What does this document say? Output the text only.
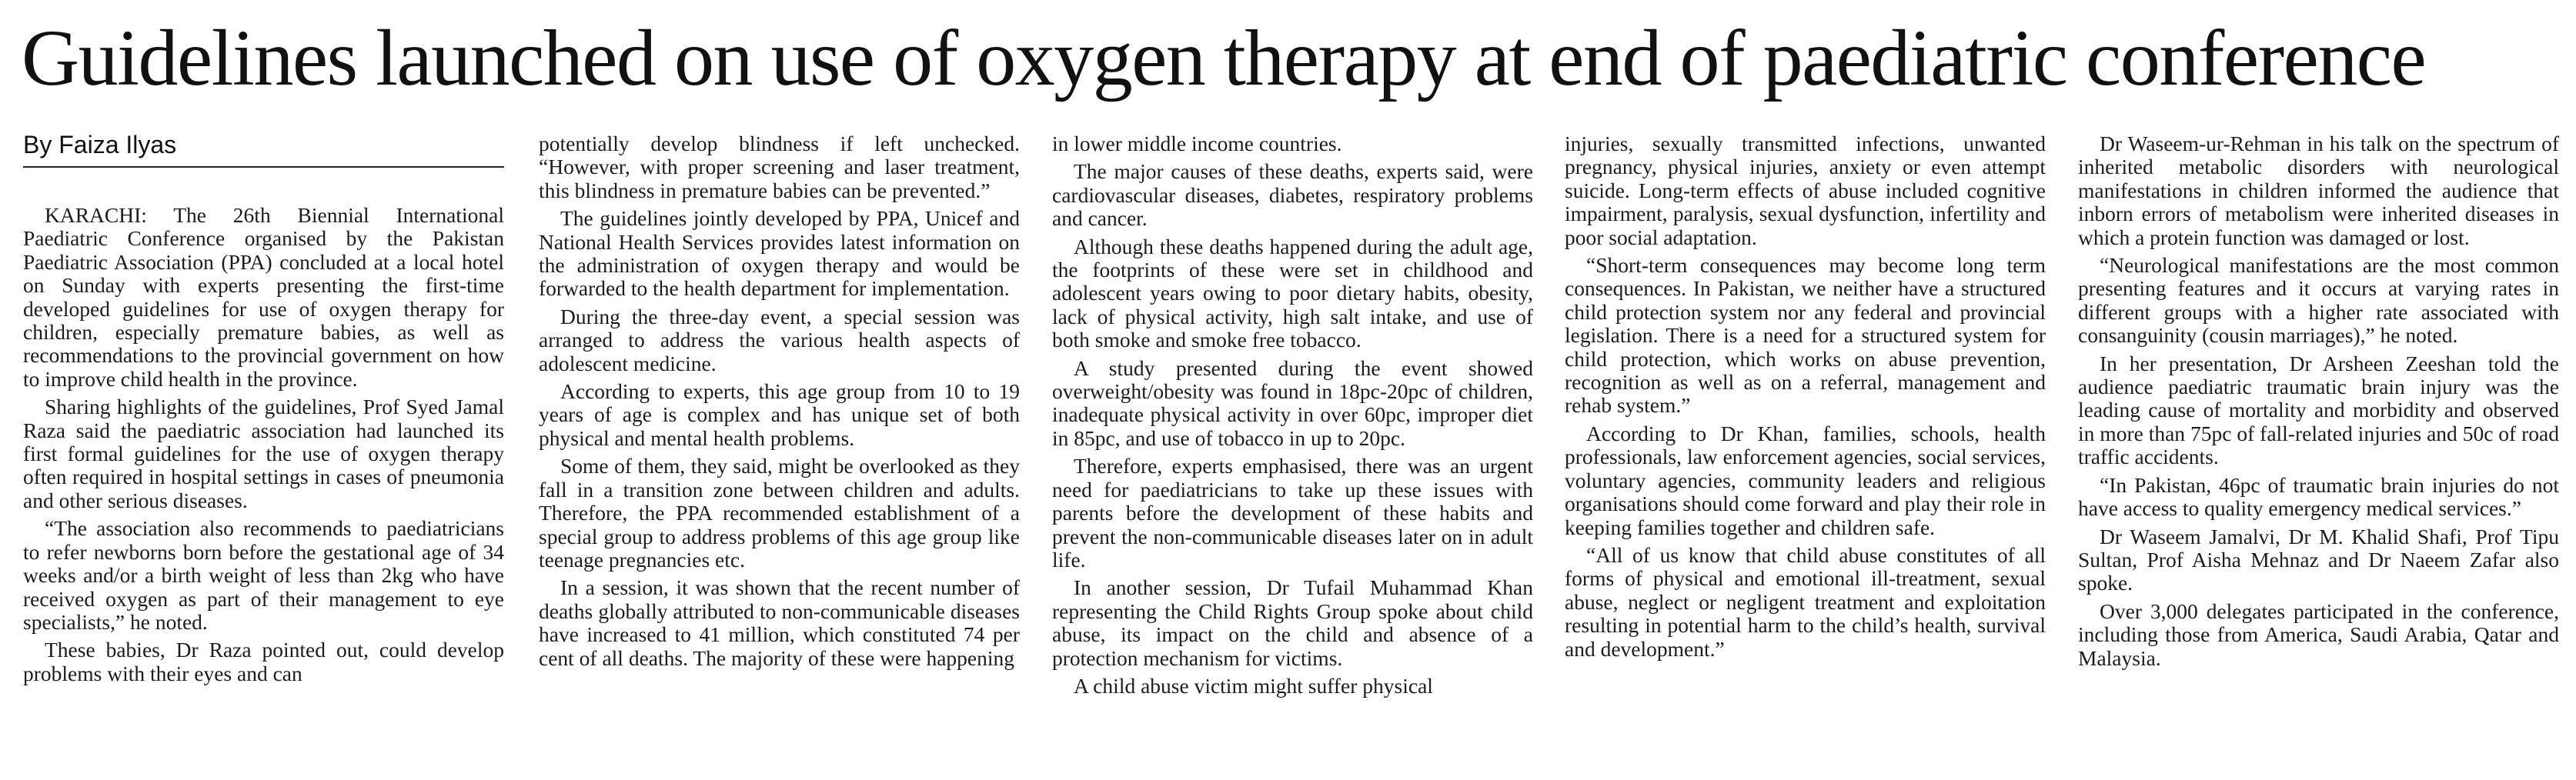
Guidelines launched on use of oxygen therapy at end of paediatric conference
By Faiza Ilyas

KARACHI: The 26th Biennial International Paediatric Conference organised by the Pakistan Paediatric Association (PPA) concluded at a local hotel on Sunday with experts presenting the first-time developed guidelines for use of oxygen therapy for children, especially premature babies, as well as recommendations to the provincial government on how to improve child health in the province.

Sharing highlights of the guidelines, Prof Syed Jamal Raza said the paediatric association had launched its first formal guidelines for the use of oxygen therapy often required in hospital settings in cases of pneumonia and other serious diseases.

“The association also recommends to paediatricians to refer newborns born before the gestational age of 34 weeks and/or a birth weight of less than 2kg who have received oxygen as part of their management to eye specialists,” he noted.

These babies, Dr Raza pointed out, could develop problems with their eyes and can

potentially develop blindness if left unchecked. “However, with proper screening and laser treatment, this blindness in premature babies can be prevented.”

The guidelines jointly developed by PPA, Unicef and National Health Services provides latest information on the administration of oxygen therapy and would be forwarded to the health department for implementation.

During the three-day event, a special session was arranged to address the various health aspects of adolescent medicine.

According to experts, this age group from 10 to 19 years of age is complex and has unique set of both physical and mental health problems.

Some of them, they said, might be overlooked as they fall in a transition zone between children and adults. Therefore, the PPA recommended establishment of a special group to address problems of this age group like teenage pregnancies etc.

In a session, it was shown that the recent number of deaths globally attributed to non-communicable diseases have increased to 41 million, which constituted 74 per cent of all deaths. The majority of these were happening

in lower middle income countries.

The major causes of these deaths, experts said, were cardiovascular diseases, diabetes, respiratory problems and cancer.

Although these deaths happened during the adult age, the footprints of these were set in childhood and adolescent years owing to poor dietary habits, obesity, lack of physical activity, high salt intake, and use of both smoke and smoke free tobacco.

A study presented during the event showed overweight/obesity was found in 18pc-20pc of children, inadequate physical activity in over 60pc, improper diet in 85pc, and use of tobacco in up to 20pc.

Therefore, experts emphasised, there was an urgent need for paediatricians to take up these issues with parents before the development of these habits and prevent the non-communicable diseases later on in adult life.

In another session, Dr Tufail Muhammad Khan representing the Child Rights Group spoke about child abuse, its impact on the child and absence of a protection mechanism for victims.

A child abuse victim might suffer physical

injuries, sexually transmitted infections, unwanted pregnancy, physical injuries, anxiety or even attempt suicide. Long-term effects of abuse included cognitive impairment, paralysis, sexual dysfunction, infertility and poor social adaptation.

“Short-term consequences may become long term consequences. In Pakistan, we neither have a structured child protection system nor any federal and provincial legislation. There is a need for a structured system for child protection, which works on abuse prevention, recognition as well as on a referral, management and rehab system.”

According to Dr Khan, families, schools, health professionals, law enforcement agencies, social services, voluntary agencies, community leaders and religious organisations should come forward and play their role in keeping families together and children safe.

“All of us know that child abuse constitutes of all forms of physical and emotional ill-treatment, sexual abuse, neglect or negligent treatment and exploitation resulting in potential harm to the child’s health, survival and development.”

Dr Waseem-ur-Rehman in his talk on the spectrum of inherited metabolic disorders with neurological manifestations in children informed the audience that inborn errors of metabolism were inherited diseases in which a protein function was damaged or lost.

“Neurological manifestations are the most common presenting features and it occurs at varying rates in different groups with a higher rate associated with consanguinity (cousin marriages),” he noted.

In her presentation, Dr Arsheen Zeeshan told the audience paediatric traumatic brain injury was the leading cause of mortality and morbidity and observed in more than 75pc of fall-related injuries and 50c of road traffic accidents.

“In Pakistan, 46pc of traumatic brain injuries do not have access to quality emergency medical services.”

Dr Waseem Jamalvi, Dr M. Khalid Shafi, Prof Tipu Sultan, Prof Aisha Mehnaz and Dr Naeem Zafar also spoke.

Over 3,000 delegates participated in the conference, including those from America, Saudi Arabia, Qatar and Malaysia.
